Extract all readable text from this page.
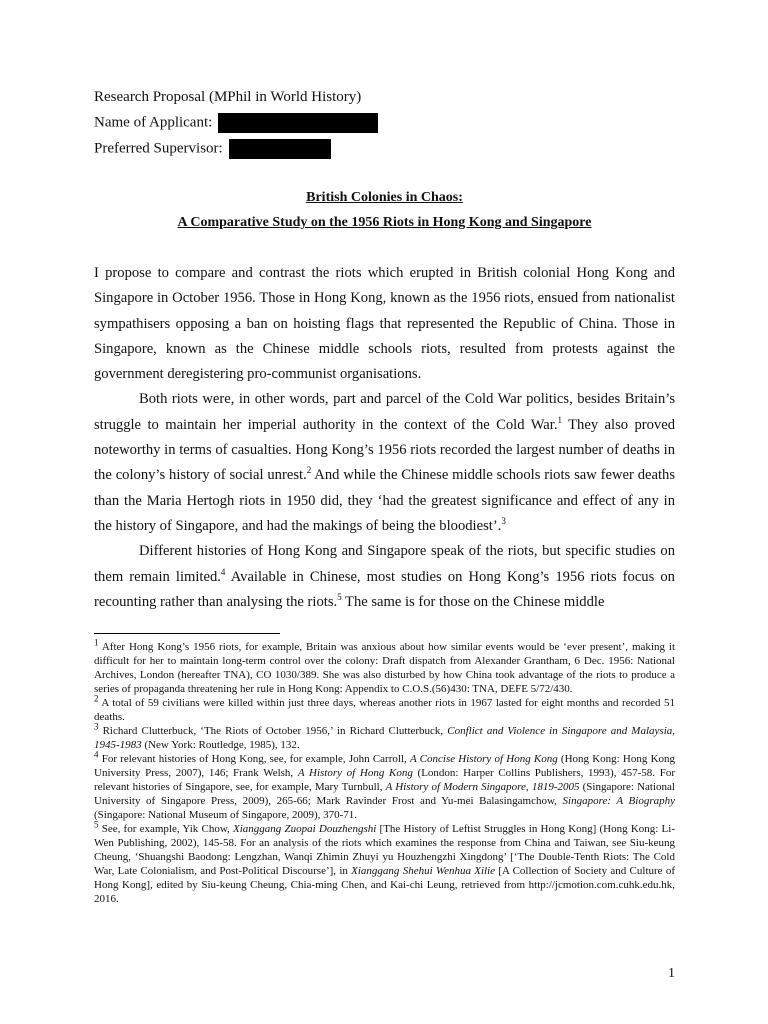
Research Proposal (MPhil in World History)
Name of Applicant:
Preferred Supervisor:
British Colonies in Chaos:
A Comparative Study on the 1956 Riots in Hong Kong and Singapore

I propose to compare and contrast the riots which erupted in British colonial Hong Kong and Singapore in October 1956. Those in Hong Kong, known as the 1956 riots, ensued from nationalist sympathisers opposing a ban on hoisting flags that represented the Republic of China. Those in Singapore, known as the Chinese middle schools riots, resulted from protests against the government deregistering pro-communist organisations.

Both riots were, in other words, part and parcel of the Cold War politics, besides Britain’s struggle to maintain her imperial authority in the context of the Cold War.$^1$ They also proved noteworthy in terms of casualties. Hong Kong’s 1956 riots recorded the largest number of deaths in the colony’s history of social unrest.$^2$ And while the Chinese middle schools riots saw fewer deaths than the Maria Hertogh riots in 1950 did, they ‘had the greatest significance and effect of any in the history of Singapore, and had the makings of being the bloodiest’.$^3$

Different histories of Hong Kong and Singapore speak of the riots, but specific studies on them remain limited.$^4$ Available in Chinese, most studies on Hong Kong’s 1956 riots focus on recounting rather than analysing the riots.$^5$ The same is for those on the Chinese middle

$^1$ After Hong Kong’s 1956 riots, for example, Britain was anxious about how similar events would be ‘ever present’, making it difficult for her to maintain long-term control over the colony: Draft dispatch from Alexander Grantham, 6 Dec. 1956: National Archives, London (hereafter TNA), CO 1030/389. She was also disturbed by how China took advantage of the riots to produce a series of propaganda threatening her rule in Hong Kong: Appendix to C.O.S.(56)430: TNA, DEFE 5/72/430.

$^2$ A total of 59 civilians were killed within just three days, whereas another riots in 1967 lasted for eight months and recorded 51 deaths.

$^3$ Richard Clutterbuck, ‘The Riots of October 1956,’ in Richard Clutterbuck, Conflict and Violence in Singapore and Malaysia, 1945-1983 (New York: Routledge, 1985), 132.

$^4$ For relevant histories of Hong Kong, see, for example, John Carroll, A Concise History of Hong Kong (Hong Kong: Hong Kong University Press, 2007), 146; Frank Welsh, A History of Hong Kong (London: Harper Collins Publishers, 1993), 457-58. For relevant histories of Singapore, see, for example, Mary Turnbull, A History of Modern Singapore, 1819-2005 (Singapore: National University of Singapore Press, 2009), 265-66; Mark Ravinder Frost and Yu-mei Balasingamchow, Singapore: A Biography (Singapore: National Museum of Singapore, 2009), 370-71.

$^5$ See, for example, Yik Chow, Xianggang Zuopai Douzhengshi [The History of Leftist Struggles in Hong Kong] (Hong Kong: Li-Wen Publishing, 2002), 145-58. For an analysis of the riots which examines the response from China and Taiwan, see Siu-keung Cheung, ‘Shuangshi Baodong: Lengzhan, Wanqi Zhimin Zhuyi yu Houzhengzhi Xingdong’ [‘The Double-Tenth Riots: The Cold War, Late Colonialism, and Post-Political Discourse’], in Xianggang Shehui Wenhua Xilie [A Collection of Society and Culture of Hong Kong], edited by Siu-keung Cheung, Chia-ming Chen, and Kai-chi Leung, retrieved from http://jcmotion.com.cuhk.edu.hk, 2016.

1
